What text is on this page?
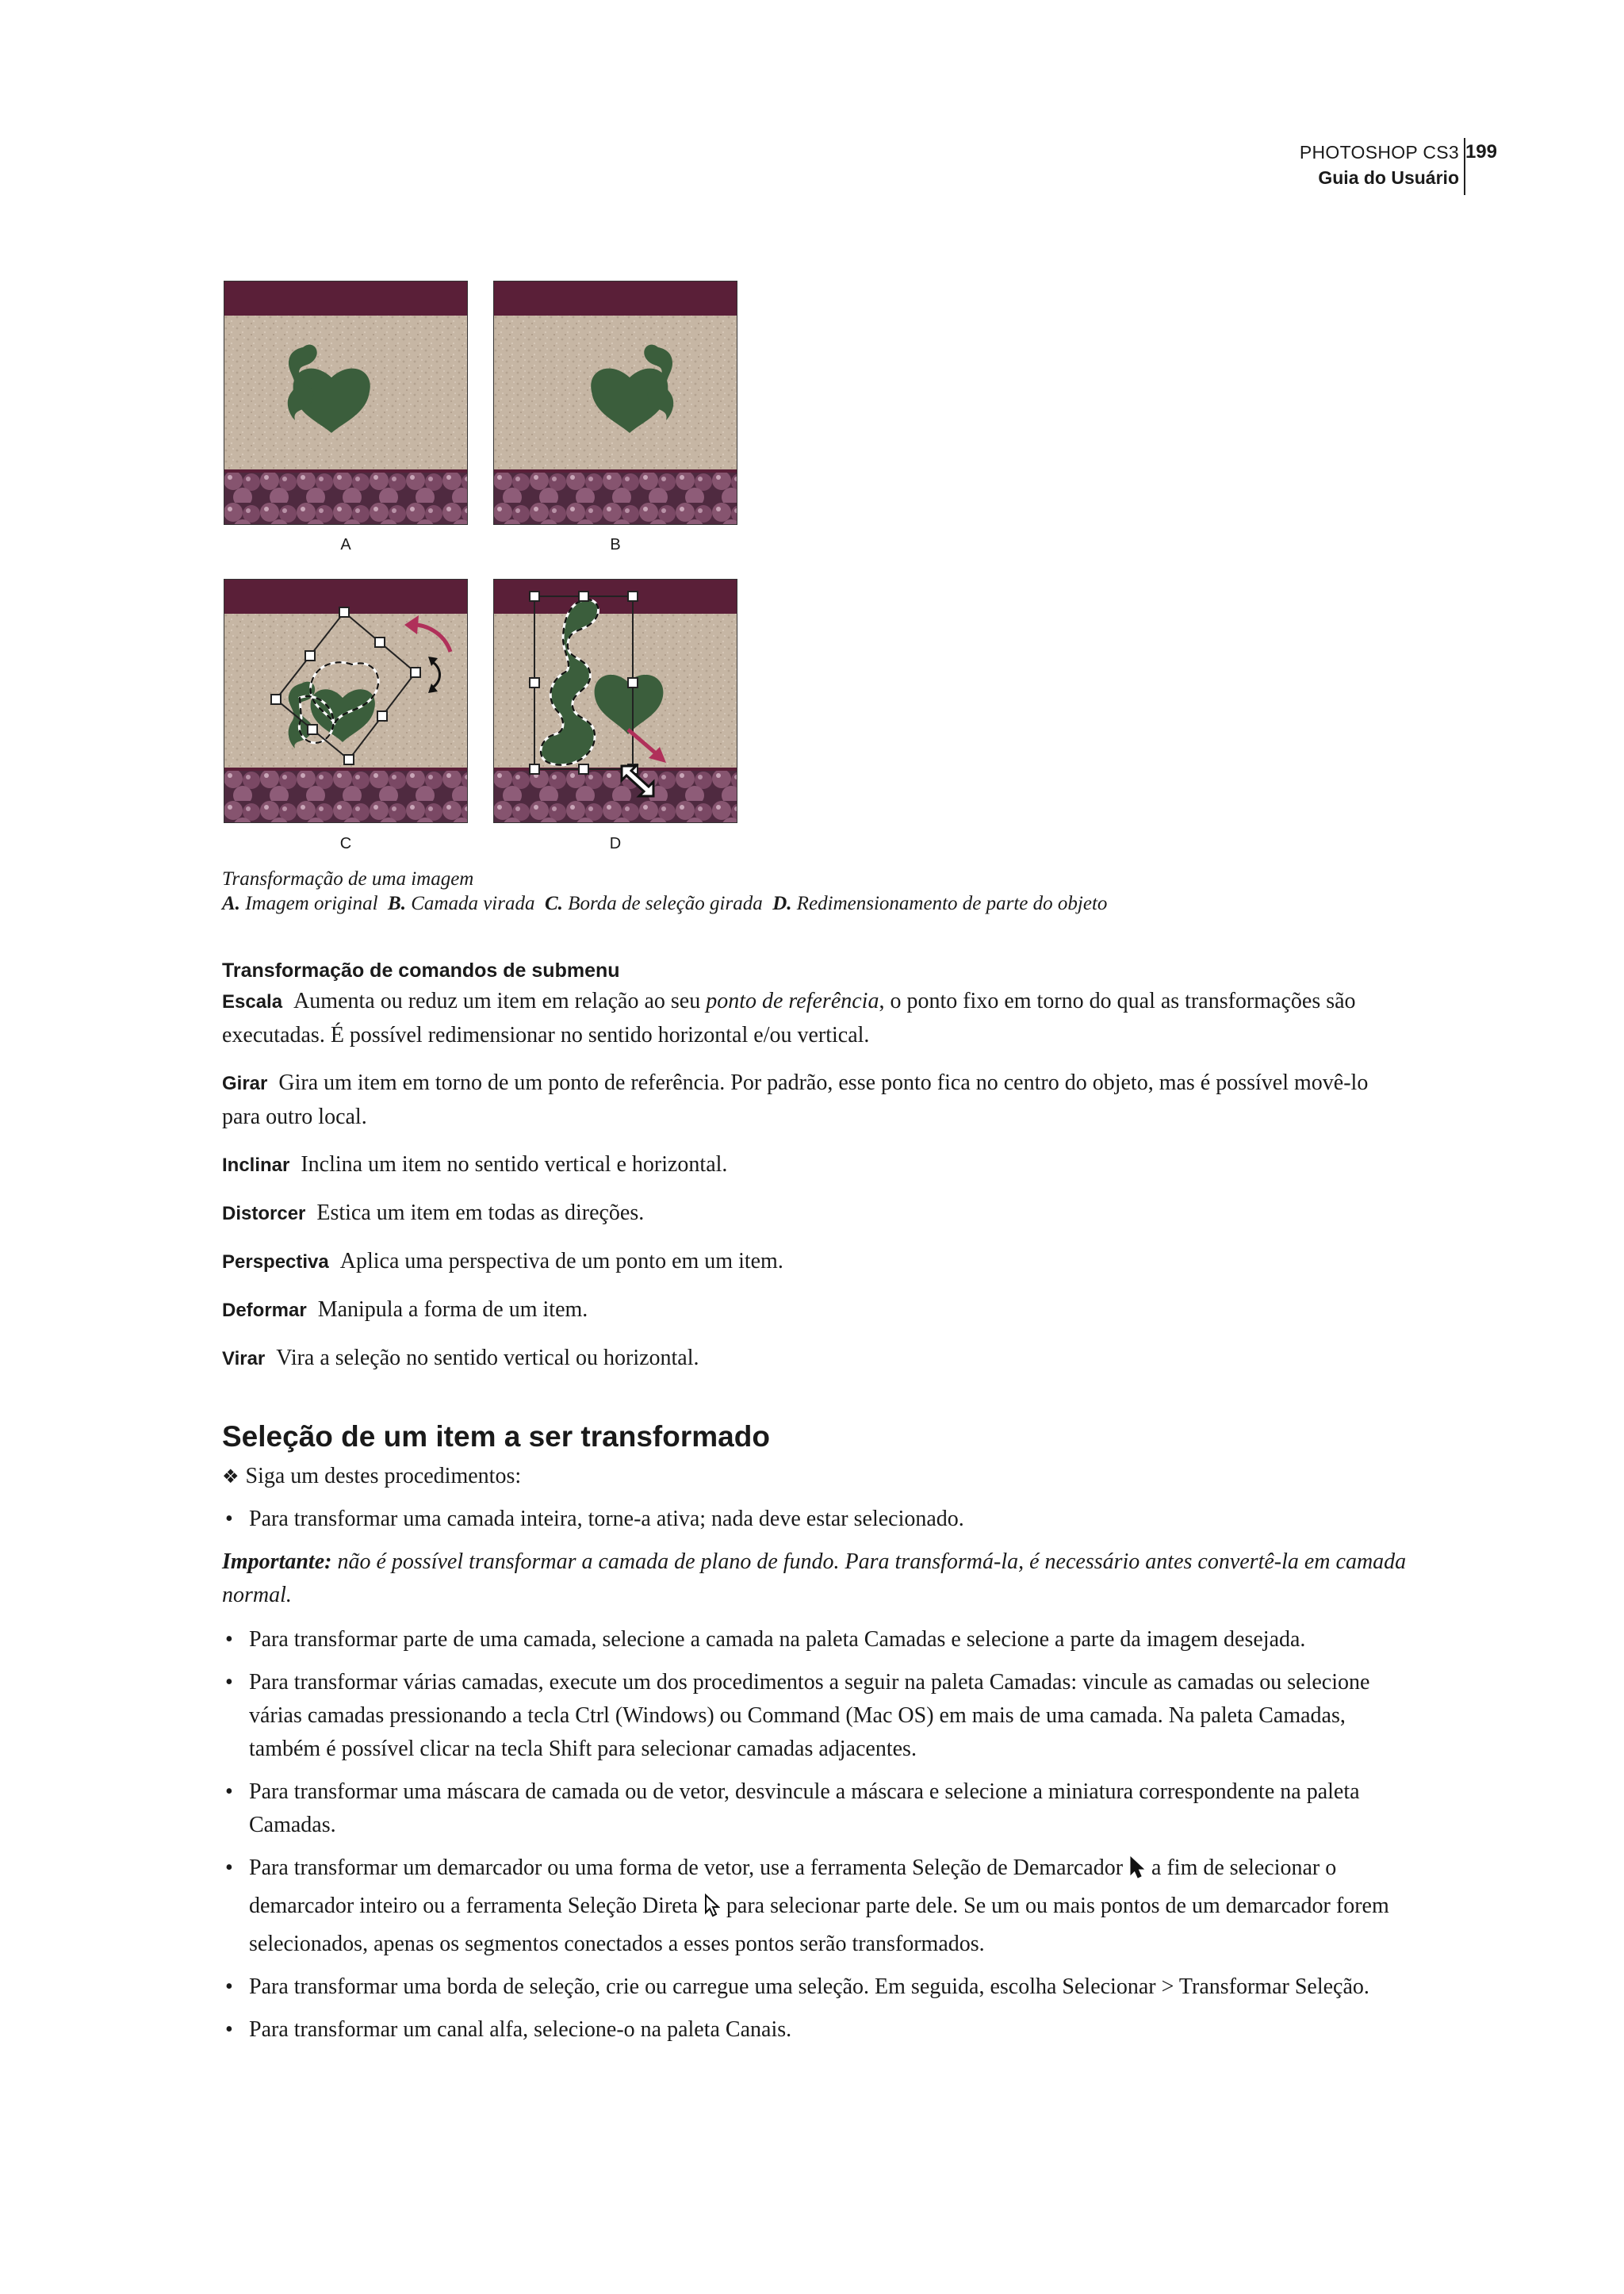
PHOTOSHOP CS3
Guia do Usuário
199
A	B
C	D
Transformação de uma imagem
A. Imagem original B. Camada virada C. Borda de seleção girada D. Redimensionamento de parte do objeto
Transformação de comandos de submenu

Escala Aumenta ou reduz um item em relação ao seu ponto de referência, o ponto fixo em torno do qual as transformações são executadas. É possível redimensionar no sentido horizontal e/ou vertical.

Girar Gira um item em torno de um ponto de referência. Por padrão, esse ponto fica no centro do objeto, mas é possível movê-lo para outro local.

Inclinar Inclina um item no sentido vertical e horizontal.

Distorcer Estica um item em todas as direções.

Perspectiva Aplica uma perspectiva de um ponto em um item.

Deformar Manipula a forma de um item.

Virar Vira a seleção no sentido vertical ou horizontal.

Seleção de um item a ser transformado

❖ Siga um destes procedimentos:

• Para transformar uma camada inteira, torne-a ativa; nada deve estar selecionado.

Importante: não é possível transformar a camada de plano de fundo. Para transformá-la, é necessário antes convertê-la em camada normal.

• Para transformar parte de uma camada, selecione a camada na paleta Camadas e selecione a parte da imagem desejada.

• Para transformar várias camadas, execute um dos procedimentos a seguir na paleta Camadas: vincule as camadas ou selecione várias camadas pressionando a tecla Ctrl (Windows) ou Command (Mac OS) em mais de uma camada. Na paleta Camadas, também é possível clicar na tecla Shift para selecionar camadas adjacentes.

• Para transformar uma máscara de camada ou de vetor, desvincule a máscara e selecione a miniatura correspondente na paleta Camadas.

• Para transformar um demarcador ou uma forma de vetor, use a ferramenta Seleção de Demarcador a fim de selecionar o demarcador inteiro ou a ferramenta Seleção Direta para selecionar parte dele. Se um ou mais pontos de um demarcador forem selecionados, apenas os segmentos conectados a esses pontos serão transformados.

• Para transformar uma borda de seleção, crie ou carregue uma seleção. Em seguida, escolha Selecionar > Transformar Seleção.

• Para transformar um canal alfa, selecione-o na paleta Canais.
